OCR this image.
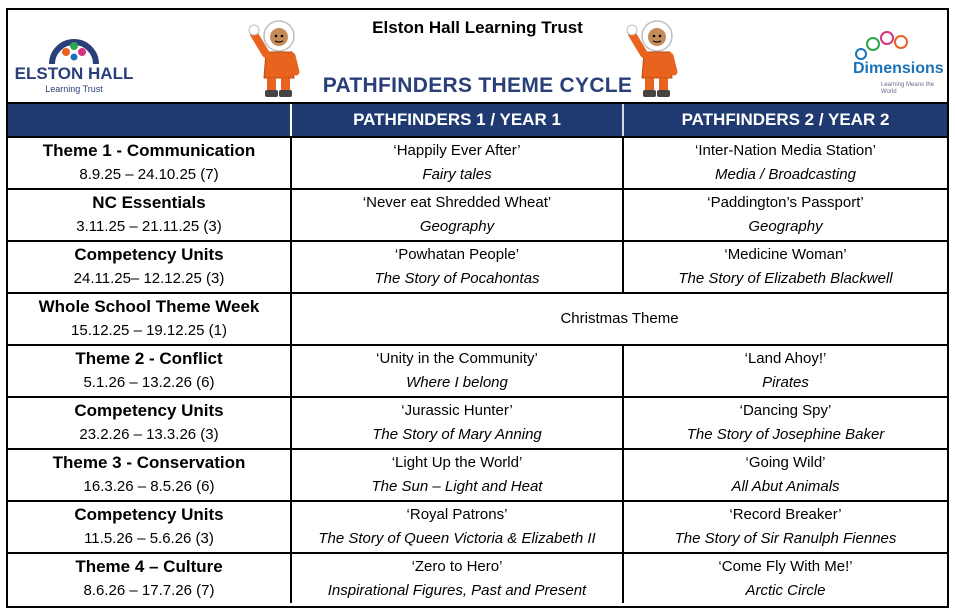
ELSTON HALL
Learning Trust
Elston Hall Learning Trust
PATHFINDERS THEME CYCLE
Dimensions
Learning Means the World
PATHFINDERS 1 / YEAR 1	PATHFINDERS 2 / YEAR 2
Theme 1 - Communication
8.9.25 – 24.10.25 (7)
‘Happily Ever After’
Fairy tales
‘Inter-Nation Media Station’
Media / Broadcasting
NC Essentials
3.11.25 – 21.11.25 (3)
‘Never eat Shredded Wheat’
Geography
‘Paddington’s Passport’
Geography
Competency Units
24.11.25– 12.12.25 (3)
‘Powhatan People’
The Story of Pocahontas
‘Medicine Woman’
The Story of Elizabeth Blackwell
Whole School Theme Week
15.12.25 – 19.12.25 (1)
Christmas Theme
Theme 2 - Conflict
5.1.26 – 13.2.26 (6)
‘Unity in the Community’
Where I belong
‘Land Ahoy!’
Pirates
Competency Units
23.2.26 – 13.3.26 (3)
‘Jurassic Hunter’
The Story of Mary Anning
‘Dancing Spy’
The Story of Josephine Baker
Theme 3 - Conservation
16.3.26 – 8.5.26 (6)
‘Light Up the World’
The Sun – Light and Heat
‘Going Wild’
All Abut Animals
Competency Units
11.5.26 – 5.6.26 (3)
‘Royal Patrons’
The Story of Queen Victoria & Elizabeth II
‘Record Breaker’
The Story of Sir Ranulph Fiennes
Theme 4 – Culture
8.6.26 – 17.7.26 (7)
‘Zero to Hero’
Inspirational Figures, Past and Present
‘Come Fly With Me!’
Arctic Circle
